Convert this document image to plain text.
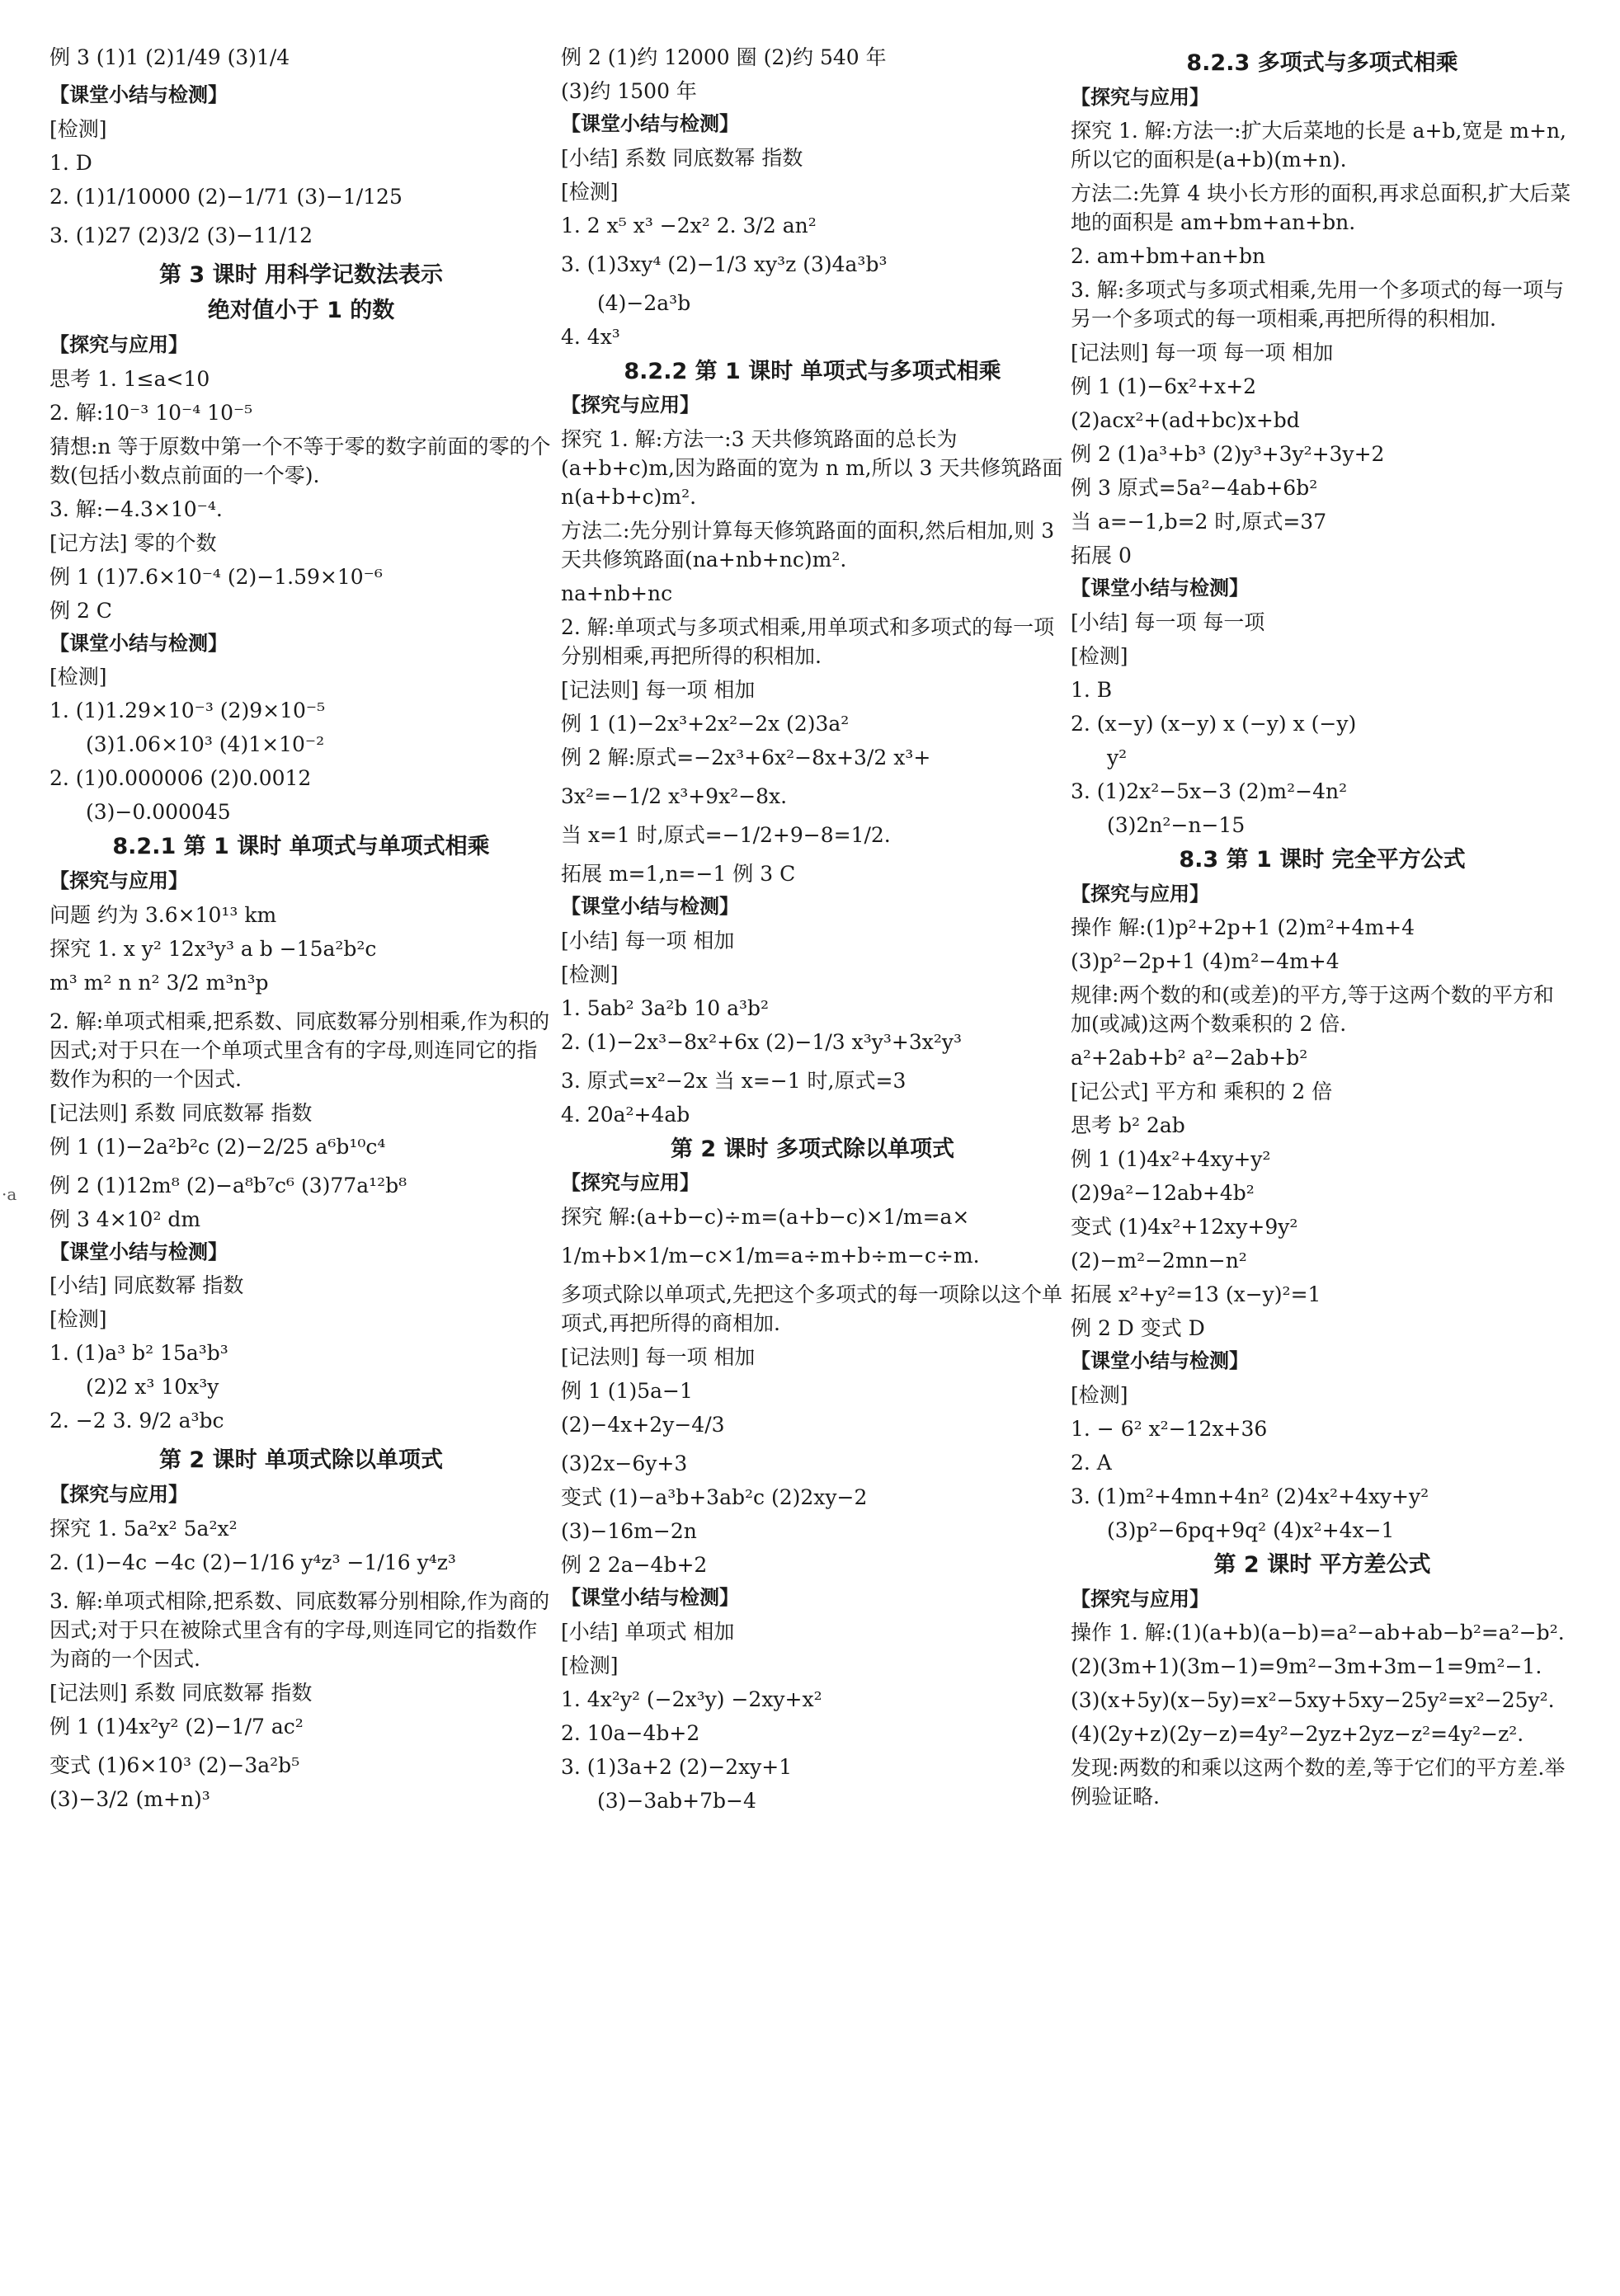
例 3 (1)1 (2)1/49 (3)1/4
【课堂小结与检测】
[检测]
1. D
2. (1)1/10000 (2)−1/71 (3)−1/125
3. (1)27 (2)3/2 (3)−11/12
第 3 课时 用科学记数法表示
绝对值小于 1 的数
【探究与应用】
思考 1. 1≤a<10
2. 解:10⁻³ 10⁻⁴ 10⁻⁵
猜想:n 等于原数中第一个不等于零的数字前面的零的个数(包括小数点前面的一个零).
3. 解:−4.3×10⁻⁴.
[记方法] 零的个数
例 1 (1)7.6×10⁻⁴ (2)−1.59×10⁻⁶
例 2 C
【课堂小结与检测】
[检测]
1. (1)1.29×10⁻³ (2)9×10⁻⁵
(3)1.06×10³ (4)1×10⁻²
2. (1)0.000006 (2)0.0012
(3)−0.000045
8.2.1 第 1 课时 单项式与单项式相乘
【探究与应用】
问题 约为 3.6×10¹³ km
探究 1. x y² 12x³y³ a b −15a²b²c
m³ m² n n² 3/2 m³n³p
2. 解:单项式相乘,把系数、同底数幂分别相乘,作为积的因式;对于只在一个单项式里含有的字母,则连同它的指数作为积的一个因式.
[记法则] 系数 同底数幂 指数
例 1 (1)−2a²b²c (2)−2/25 a⁶b¹⁰c⁴
例 2 (1)12m⁸ (2)−a⁸b⁷c⁶ (3)77a¹²b⁸
例 3 4×10² dm
【课堂小结与检测】
[小结] 同底数幂 指数
[检测]
1. (1)a³ b² 15a³b³
(2)2 x³ 10x³y
2. −2 3. 9/2 a³bc
第 2 课时 单项式除以单项式
【探究与应用】
探究 1. 5a²x² 5a²x²
2. (1)−4c −4c (2)−1/16 y⁴z³ −1/16 y⁴z³
3. 解:单项式相除,把系数、同底数幂分别相除,作为商的因式;对于只在被除式里含有的字母,则连同它的指数作为商的一个因式.
[记法则] 系数 同底数幂 指数
例 1 (1)4x²y² (2)−1/7 ac²
变式 (1)6×10³ (2)−3a²b⁵
(3)−3/2 (m+n)³
例 2 (1)约 12000 圈 (2)约 540 年
(3)约 1500 年
【课堂小结与检测】
[小结] 系数 同底数幂 指数
[检测]
1. 2 x⁵ x³ −2x² 2. 3/2 an²
3. (1)3xy⁴ (2)−1/3 xy³z (3)4a³b³
(4)−2a³b
4. 4x³
8.2.2 第 1 课时 单项式与多项式相乘
【探究与应用】
探究 1. 解:方法一:3 天共修筑路面的总长为(a+b+c)m,因为路面的宽为 n m,所以 3 天共修筑路面 n(a+b+c)m².
方法二:先分别计算每天修筑路面的面积,然后相加,则 3 天共修筑路面(na+nb+nc)m².
na+nb+nc
2. 解:单项式与多项式相乘,用单项式和多项式的每一项分别相乘,再把所得的积相加.
[记法则] 每一项 相加
例 1 (1)−2x³+2x²−2x (2)3a²
例 2 解:原式=−2x³+6x²−8x+3/2 x³+
3x²=−1/2 x³+9x²−8x.
当 x=1 时,原式=−1/2+9−8=1/2.
拓展 m=1,n=−1 例 3 C
【课堂小结与检测】
[小结] 每一项 相加
[检测]
1. 5ab² 3a²b 10 a³b²
2. (1)−2x³−8x²+6x (2)−1/3 x³y³+3x²y³
3. 原式=x²−2x 当 x=−1 时,原式=3
4. 20a²+4ab
第 2 课时 多项式除以单项式
【探究与应用】
探究 解:(a+b−c)÷m=(a+b−c)×1/m=a×
1/m+b×1/m−c×1/m=a÷m+b÷m−c÷m.
多项式除以单项式,先把这个多项式的每一项除以这个单项式,再把所得的商相加.
[记法则] 每一项 相加
例 1 (1)5a−1
(2)−4x+2y−4/3
(3)2x−6y+3
变式 (1)−a³b+3ab²c (2)2xy−2
(3)−16m−2n
例 2 2a−4b+2
【课堂小结与检测】
[小结] 单项式 相加
[检测]
1. 4x²y² (−2x³y) −2xy+x²
2. 10a−4b+2
3. (1)3a+2 (2)−2xy+1
(3)−3ab+7b−4
8.2.3 多项式与多项式相乘
【探究与应用】
探究 1. 解:方法一:扩大后菜地的长是 a+b,宽是 m+n,所以它的面积是(a+b)(m+n).
方法二:先算 4 块小长方形的面积,再求总面积,扩大后菜地的面积是 am+bm+an+bn.
2. am+bm+an+bn
3. 解:多项式与多项式相乘,先用一个多项式的每一项与另一个多项式的每一项相乘,再把所得的积相加.
[记法则] 每一项 每一项 相加
例 1 (1)−6x²+x+2
(2)acx²+(ad+bc)x+bd
例 2 (1)a³+b³ (2)y³+3y²+3y+2
例 3 原式=5a²−4ab+6b²
当 a=−1,b=2 时,原式=37
拓展 0
【课堂小结与检测】
[小结] 每一项 每一项
[检测]
1. B
2. (x−y) (x−y) x (−y) x (−y)
y²
3. (1)2x²−5x−3 (2)m²−4n²
(3)2n²−n−15
8.3 第 1 课时 完全平方公式
【探究与应用】
操作 解:(1)p²+2p+1 (2)m²+4m+4
(3)p²−2p+1 (4)m²−4m+4
规律:两个数的和(或差)的平方,等于这两个数的平方和加(或减)这两个数乘积的 2 倍.
a²+2ab+b² a²−2ab+b²
[记公式] 平方和 乘积的 2 倍
思考 b² 2ab
例 1 (1)4x²+4xy+y²
(2)9a²−12ab+4b²
变式 (1)4x²+12xy+9y²
(2)−m²−2mn−n²
拓展 x²+y²=13 (x−y)²=1
例 2 D 变式 D
【课堂小结与检测】
[检测]
1. − 6² x²−12x+36
2. A
3. (1)m²+4mn+4n² (2)4x²+4xy+y²
(3)p²−6pq+9q² (4)x²+4x−1
第 2 课时 平方差公式
【探究与应用】
操作 1. 解:(1)(a+b)(a−b)=a²−ab+ab−b²=a²−b².
(2)(3m+1)(3m−1)=9m²−3m+3m−1=9m²−1.
(3)(x+5y)(x−5y)=x²−5xy+5xy−25y²=x²−25y².
(4)(2y+z)(2y−z)=4y²−2yz+2yz−z²=4y²−z².
发现:两数的和乘以这两个数的差,等于它们的平方差.举例验证略.
·a
